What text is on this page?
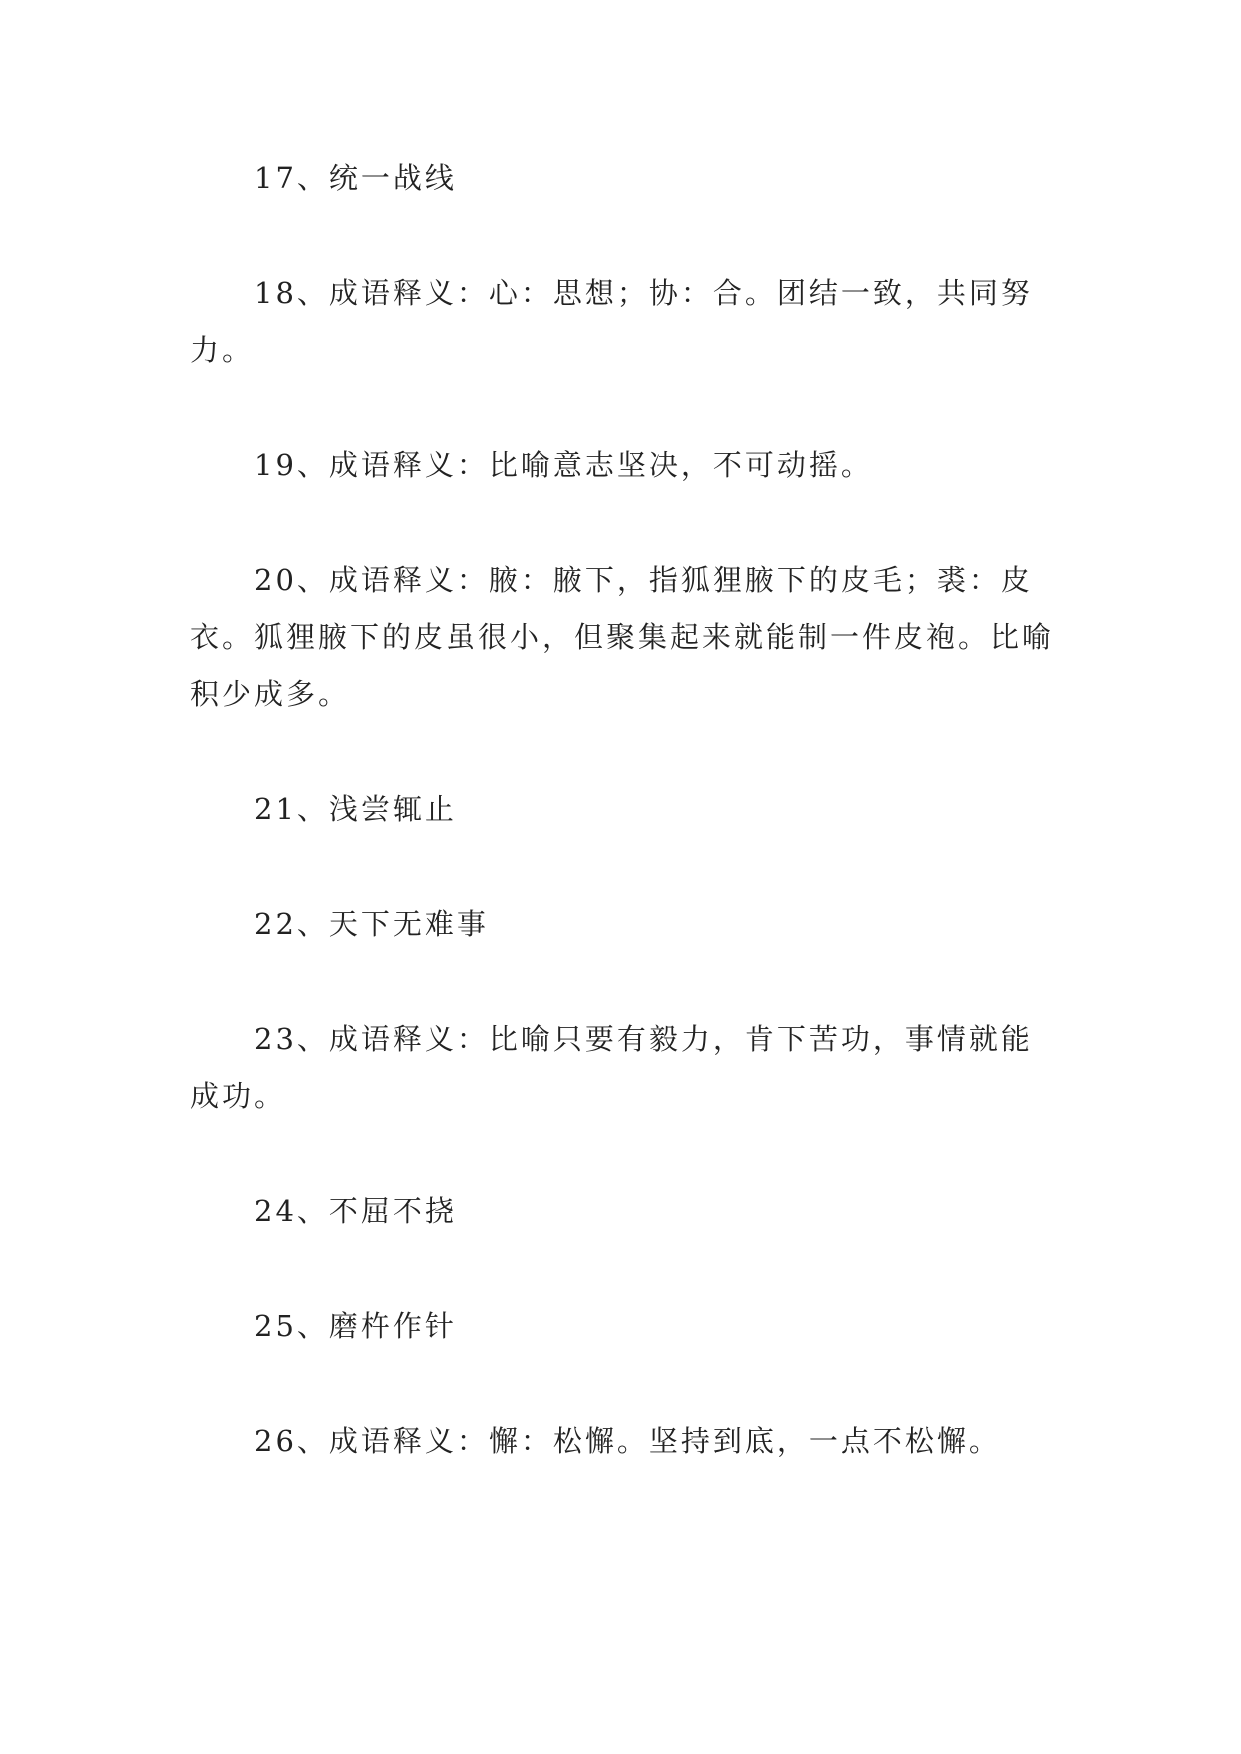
17、统一战线

18、成语释义：心：思想；协：合。团结一致，共同努力。

19、成语释义：比喻意志坚决，不可动摇。

20、成语释义：腋：腋下，指狐狸腋下的皮毛；裘：皮衣。狐狸腋下的皮虽很小，但聚集起来就能制一件皮袍。比喻积少成多。

21、浅尝辄止

22、天下无难事

23、成语释义：比喻只要有毅力，肯下苦功，事情就能成功。

24、不屈不挠

25、磨杵作针

26、成语释义：懈：松懈。坚持到底，一点不松懈。
